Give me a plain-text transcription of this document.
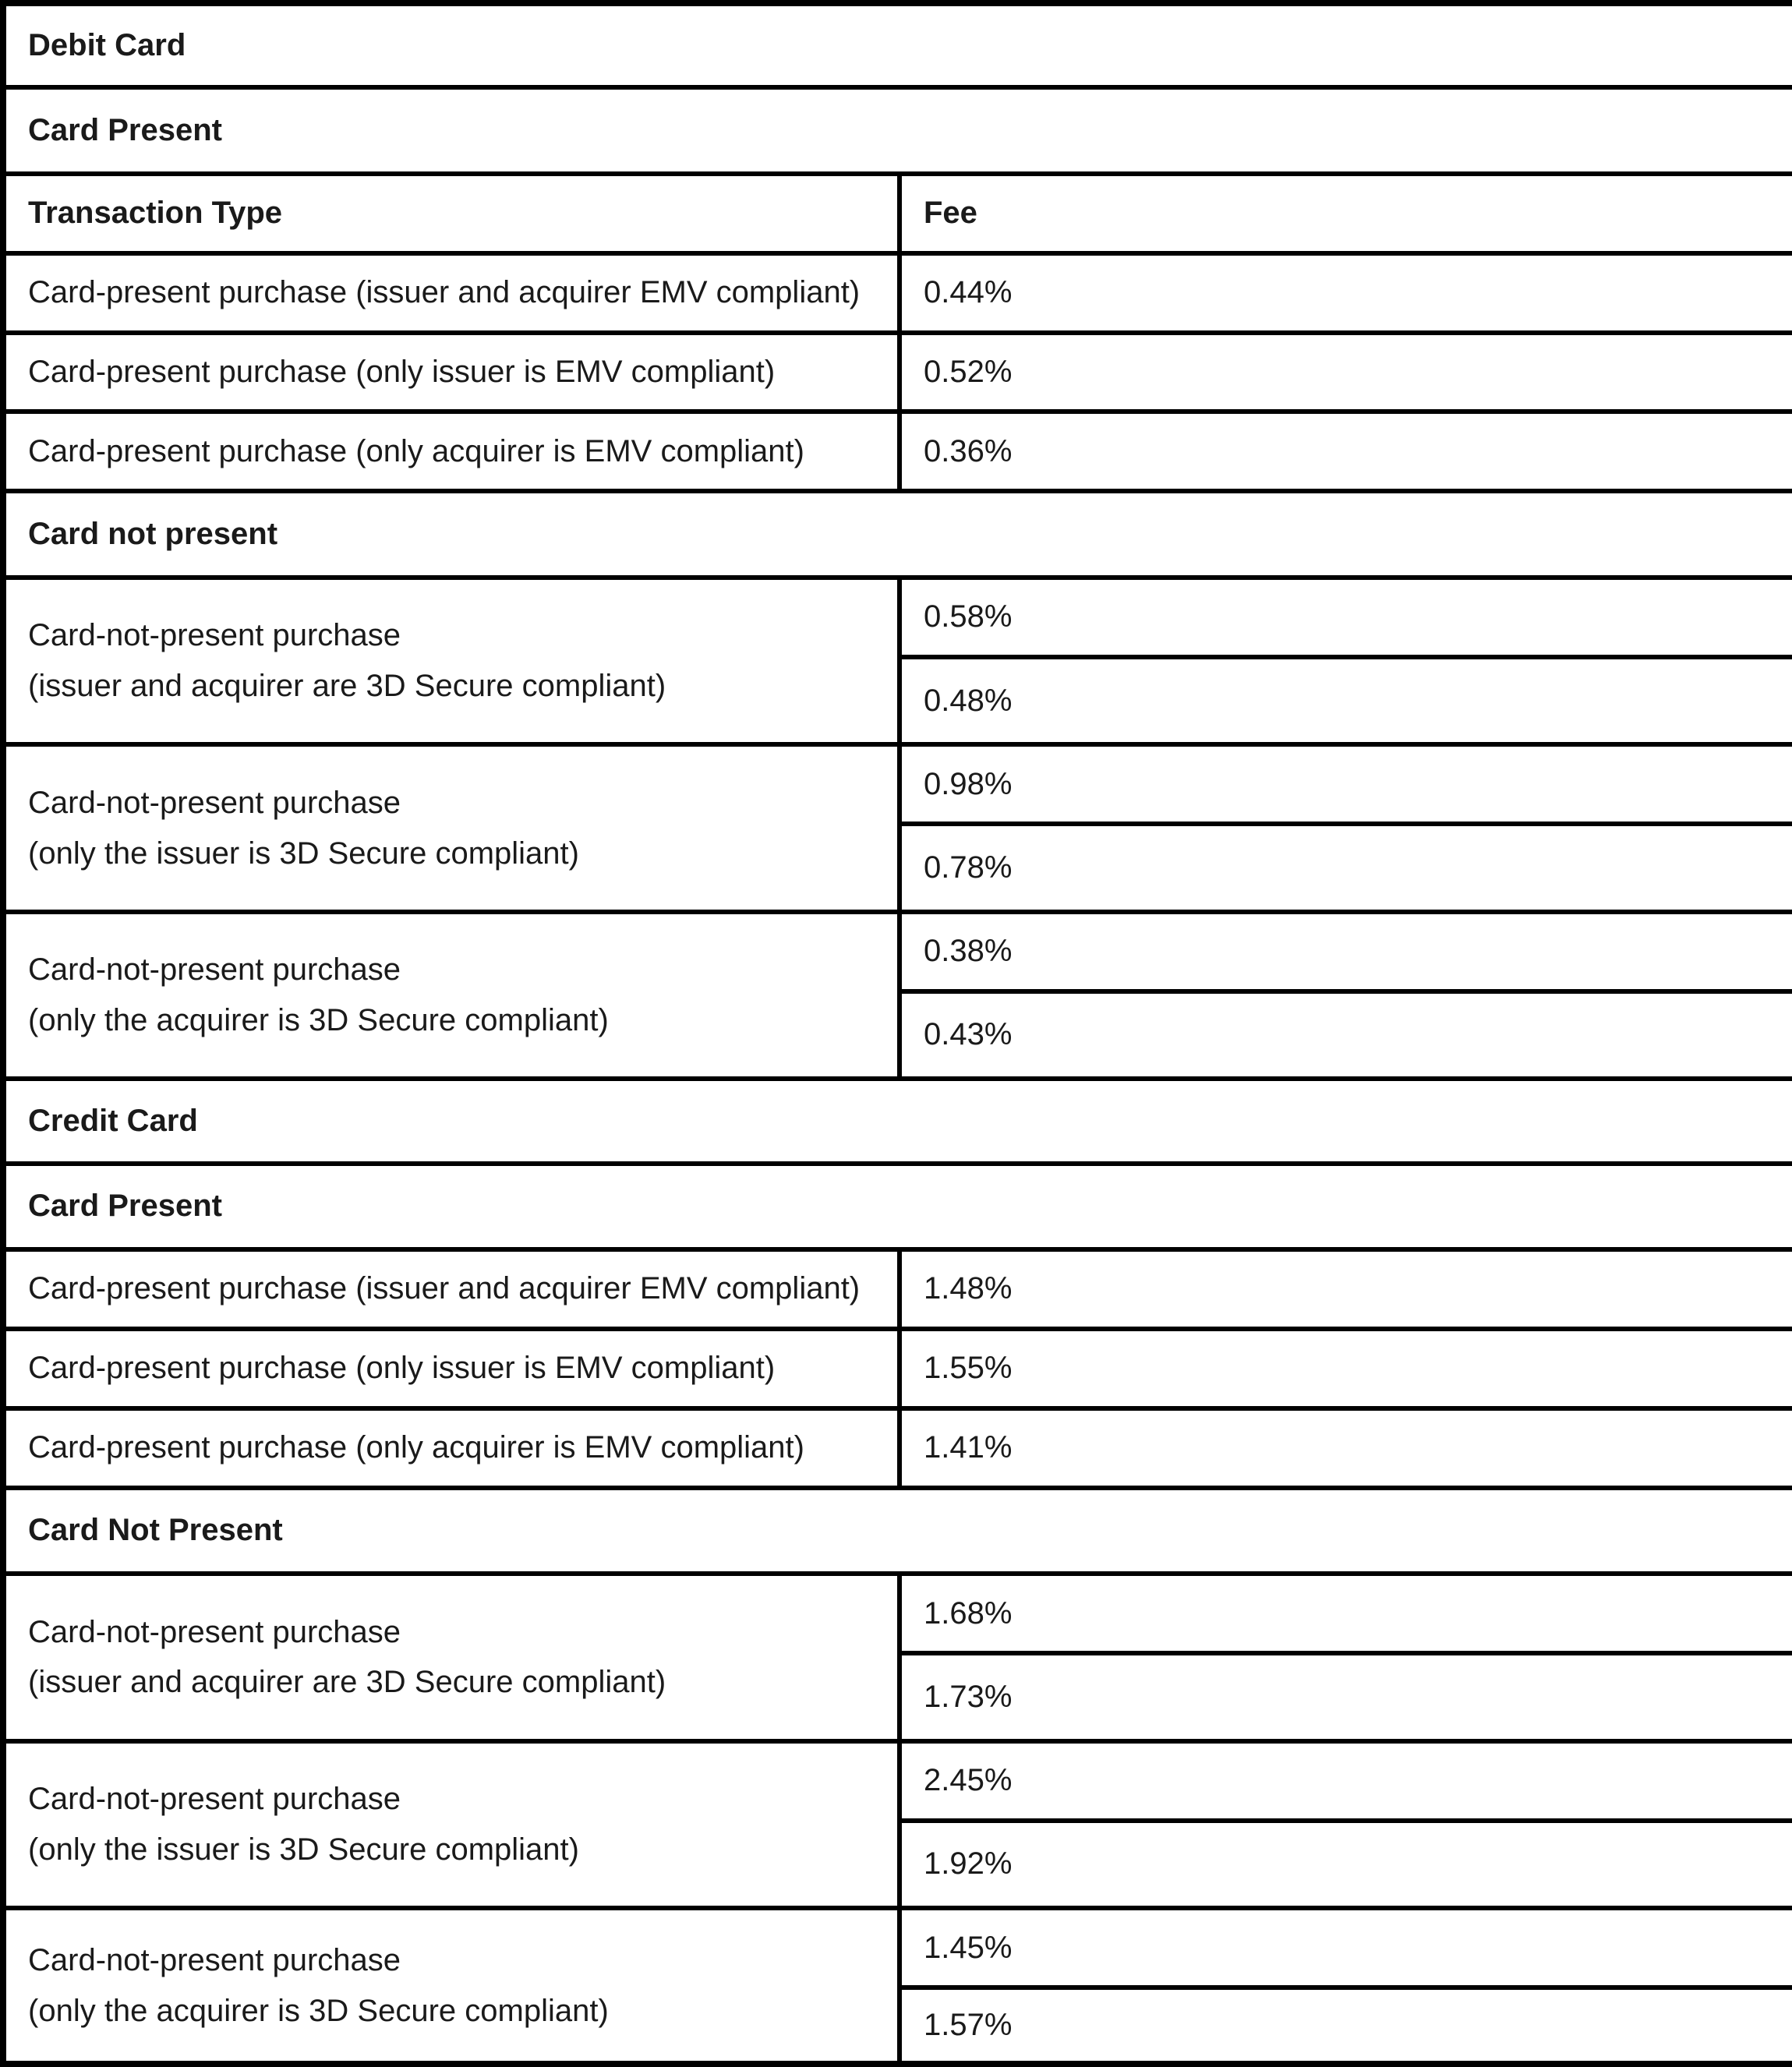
Debit Card	
Card Present	
Transaction Type	Fee
Card-present purchase (issuer and acquirer EMV compliant)	0.44%
Card-present purchase (only issuer is EMV compliant)	0.52%
Card-present purchase (only acquirer is EMV compliant)	0.36%
Card not present	

Card-not-present purchase
(issuer and acquirer are 3D Secure compliant)	0.58%
	0.48%

Card-not-present purchase
(only the issuer is 3D Secure compliant)	0.98%
	0.78%

Card-not-present purchase
(only the acquirer is 3D Secure compliant)	0.38%
	0.43%
Credit Card	
Card Present	
Card-present purchase (issuer and acquirer EMV compliant)	1.48%
Card-present purchase (only issuer is EMV compliant)	1.55%
Card-present purchase (only acquirer is EMV compliant)	1.41%
Card Not Present	

Card-not-present purchase
(issuer and acquirer are 3D Secure compliant)	1.68%
	1.73%

Card-not-present purchase
(only the issuer is 3D Secure compliant)	2.45%
	1.92%

Card-not-present purchase
(only the acquirer is 3D Secure compliant)	1.45%
	1.57%
